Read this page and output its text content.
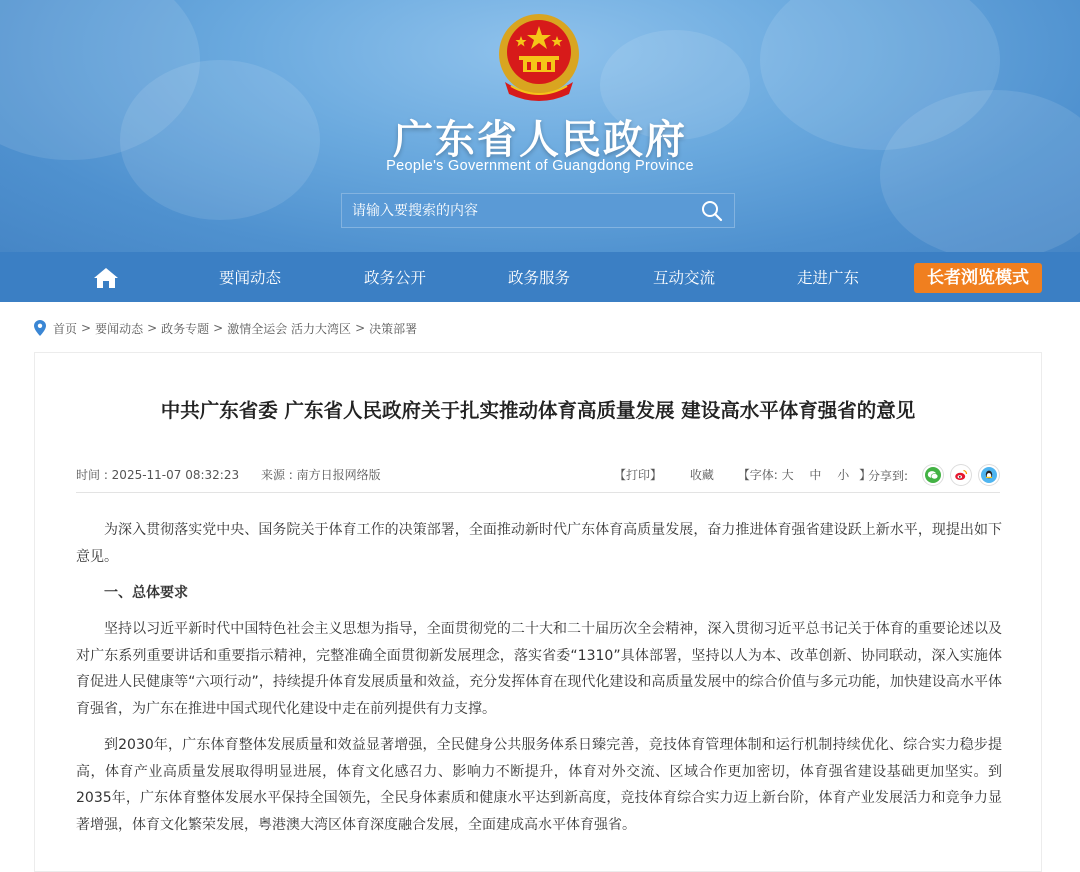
广东省人民政府
People's Government of Guangdong Province
请输入要搜索的内容
要闻动态	政务公开	政务服务	互动交流	走进广东	长者浏览模式
首页 > 要闻动态 > 政务专题 > 激情全运会 活力大湾区 > 决策部署
中共广东省委 广东省人民政府关于扎实推动体育高质量发展 建设高水平体育强省的意见
时间 : 2025-11-07 08:32:23 来源 : 南方日报网络版	【打印】 收藏 【字体: 大 中 小 】
分享到:

为深入贯彻落实党中央、国务院关于体育工作的决策部署，全面推动新时代广东体育高质量发展，奋力推进体育强省建设跃上新水平，现提出如下意见。

一、总体要求

坚持以习近平新时代中国特色社会主义思想为指导，全面贯彻党的二十大和二十届历次全会精神，深入贯彻习近平总书记关于体育的重要论述以及对广东系列重要讲话和重要指示精神，完整准确全面贯彻新发展理念，落实省委“1310”具体部署，坚持以人为本、改革创新、协同联动，深入实施体育促进人民健康等“六项行动”，持续提升体育发展质量和效益，充分发挥体育在现代化建设和高质量发展中的综合价值与多元功能，加快建设高水平体育强省，为广东在推进中国式现代化建设中走在前列提供有力支撑。

到2030年，广东体育整体发展质量和效益显著增强，全民健身公共服务体系日臻完善，竞技体育管理体制和运行机制持续优化、综合实力稳步提高，体育产业高质量发展取得明显进展，体育文化感召力、影响力不断提升，体育对外交流、区域合作更加密切，体育强省建设基础更加坚实。到2035年，广东体育整体发展水平保持全国领先，全民身体素质和健康水平达到新高度，竞技体育综合实力迈上新台阶，体育产业发展活力和竞争力显著增强，体育文化繁荣发展，粤港澳大湾区体育深度融合发展，全面建成高水平体育强省。
